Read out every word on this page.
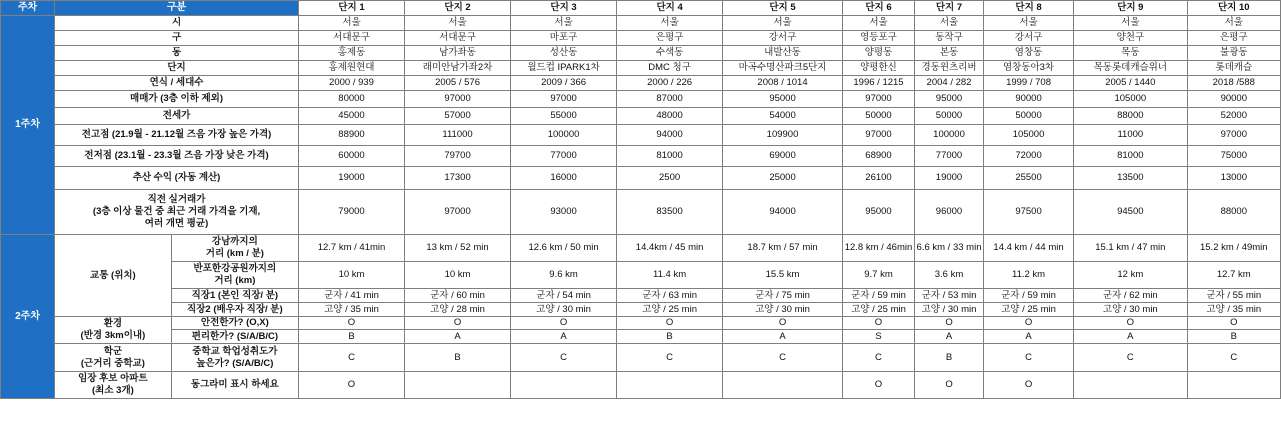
주차	구분		단지 1	단지 2	단지 3	단지 4	단지 5	단지 6	단지 7	단지 8	단지 9	단지 10
1주차	시		서울	서울	서울	서울	서울	서울	서울	서울	서울	서울
	구		서대문구	서대문구	마포구	은평구	강서구	영등포구	동작구	강서구	양천구	은평구
	동		홍제동	남가좌동	성산동	수색동	내발산동	양평동	본동	염창동	목동	불광동
	단지		홍제원현대	래미안남가좌2차	월드컵 IPARK1차	DMC 청구	마곡수명산파크5단지	양평한신	경동윈츠리버	염창동아3차	목동롯데캐슬위너	롯데캐슬
	연식 / 세대수		2000 / 939	2005 / 576	2009 / 366	2000 / 226	2008 / 1014	1996 / 1215	2004 / 282	1999 / 708	2005 / 1440	2018 /588
	매매가 (3층 이하 제외)		80000	97000	97000	87000	95000	97000	95000	90000	105000	90000
	전세가		45000	57000	55000	48000	54000	50000	50000	50000	88000	52000
	전고점 (21.9월 - 21.12월 즈음 가장 높은 가격)		88900	111000	100000	94000	109900	97000	100000	105000	11000	97000
	전저점 (23.1월 - 23.3월 즈음 가장 낮은 가격)		60000	79700	77000	81000	69000	68900	77000	72000	81000	75000
	추산 수익 (자동 계산)		19000	17300	16000	2500	25000	26100	19000	25500	13500	13000
	직전 실거래가
(3층 이상 물건 중 최근 거래 가격을 기재,
여러 개면 평균)		79000	97000	93000	83500	94000	95000	96000	97500	94500	88000
2주차	교통 (위치)	강남까지의
거리 (km / 분)	12.7 km / 41min	13 km / 52 min	12.6 km / 50 min	14.4km / 45 min	18.7 km / 57 min	12.8 km / 46min	6.6 km / 33 min	14.4 km / 44 min	15.1 km / 47 min	15.2 km / 49min
		반포한강공원까지의
거리 (km)	10 km	10 km	9.6 km	11.4 km	15.5 km	9.7 km	3.6 km	11.2 km	12 km	12.7 km
		직장1 (본인 직장/ 분)	군자 / 41 min	군자 / 60 min	군자 / 54 min	군자 / 63 min	군자 / 75 min	군자 / 59 min	군자 / 53 min	군자 / 59 min	군자 / 62 min	군자 / 55 min
		직장2 (배우자 직장/ 분)	고양 / 35 min	고양 / 28 min	고양 / 30 min	고양 / 25 min	고양 / 30 min	고양 / 25 min	고양 / 30 min	고양 / 25 min	고양 / 30 min	고양 / 35 min
	환경
(반경 3km이내)	안전한가? (O,X)	O	O	O	O	O	O	O	O	O	O
		편리한가? (S/A/B/C)	B	A	A	B	A	S	A	A	A	B
	학군
(근거리 중학교)	중학교 학업성취도가
높은가? (S/A/B/C)	C	B	C	C	C	C	B	C	C	C
	임장 후보 아파트
(최소 3개)	동그라미 표시 하세요	O					O	O	O		
